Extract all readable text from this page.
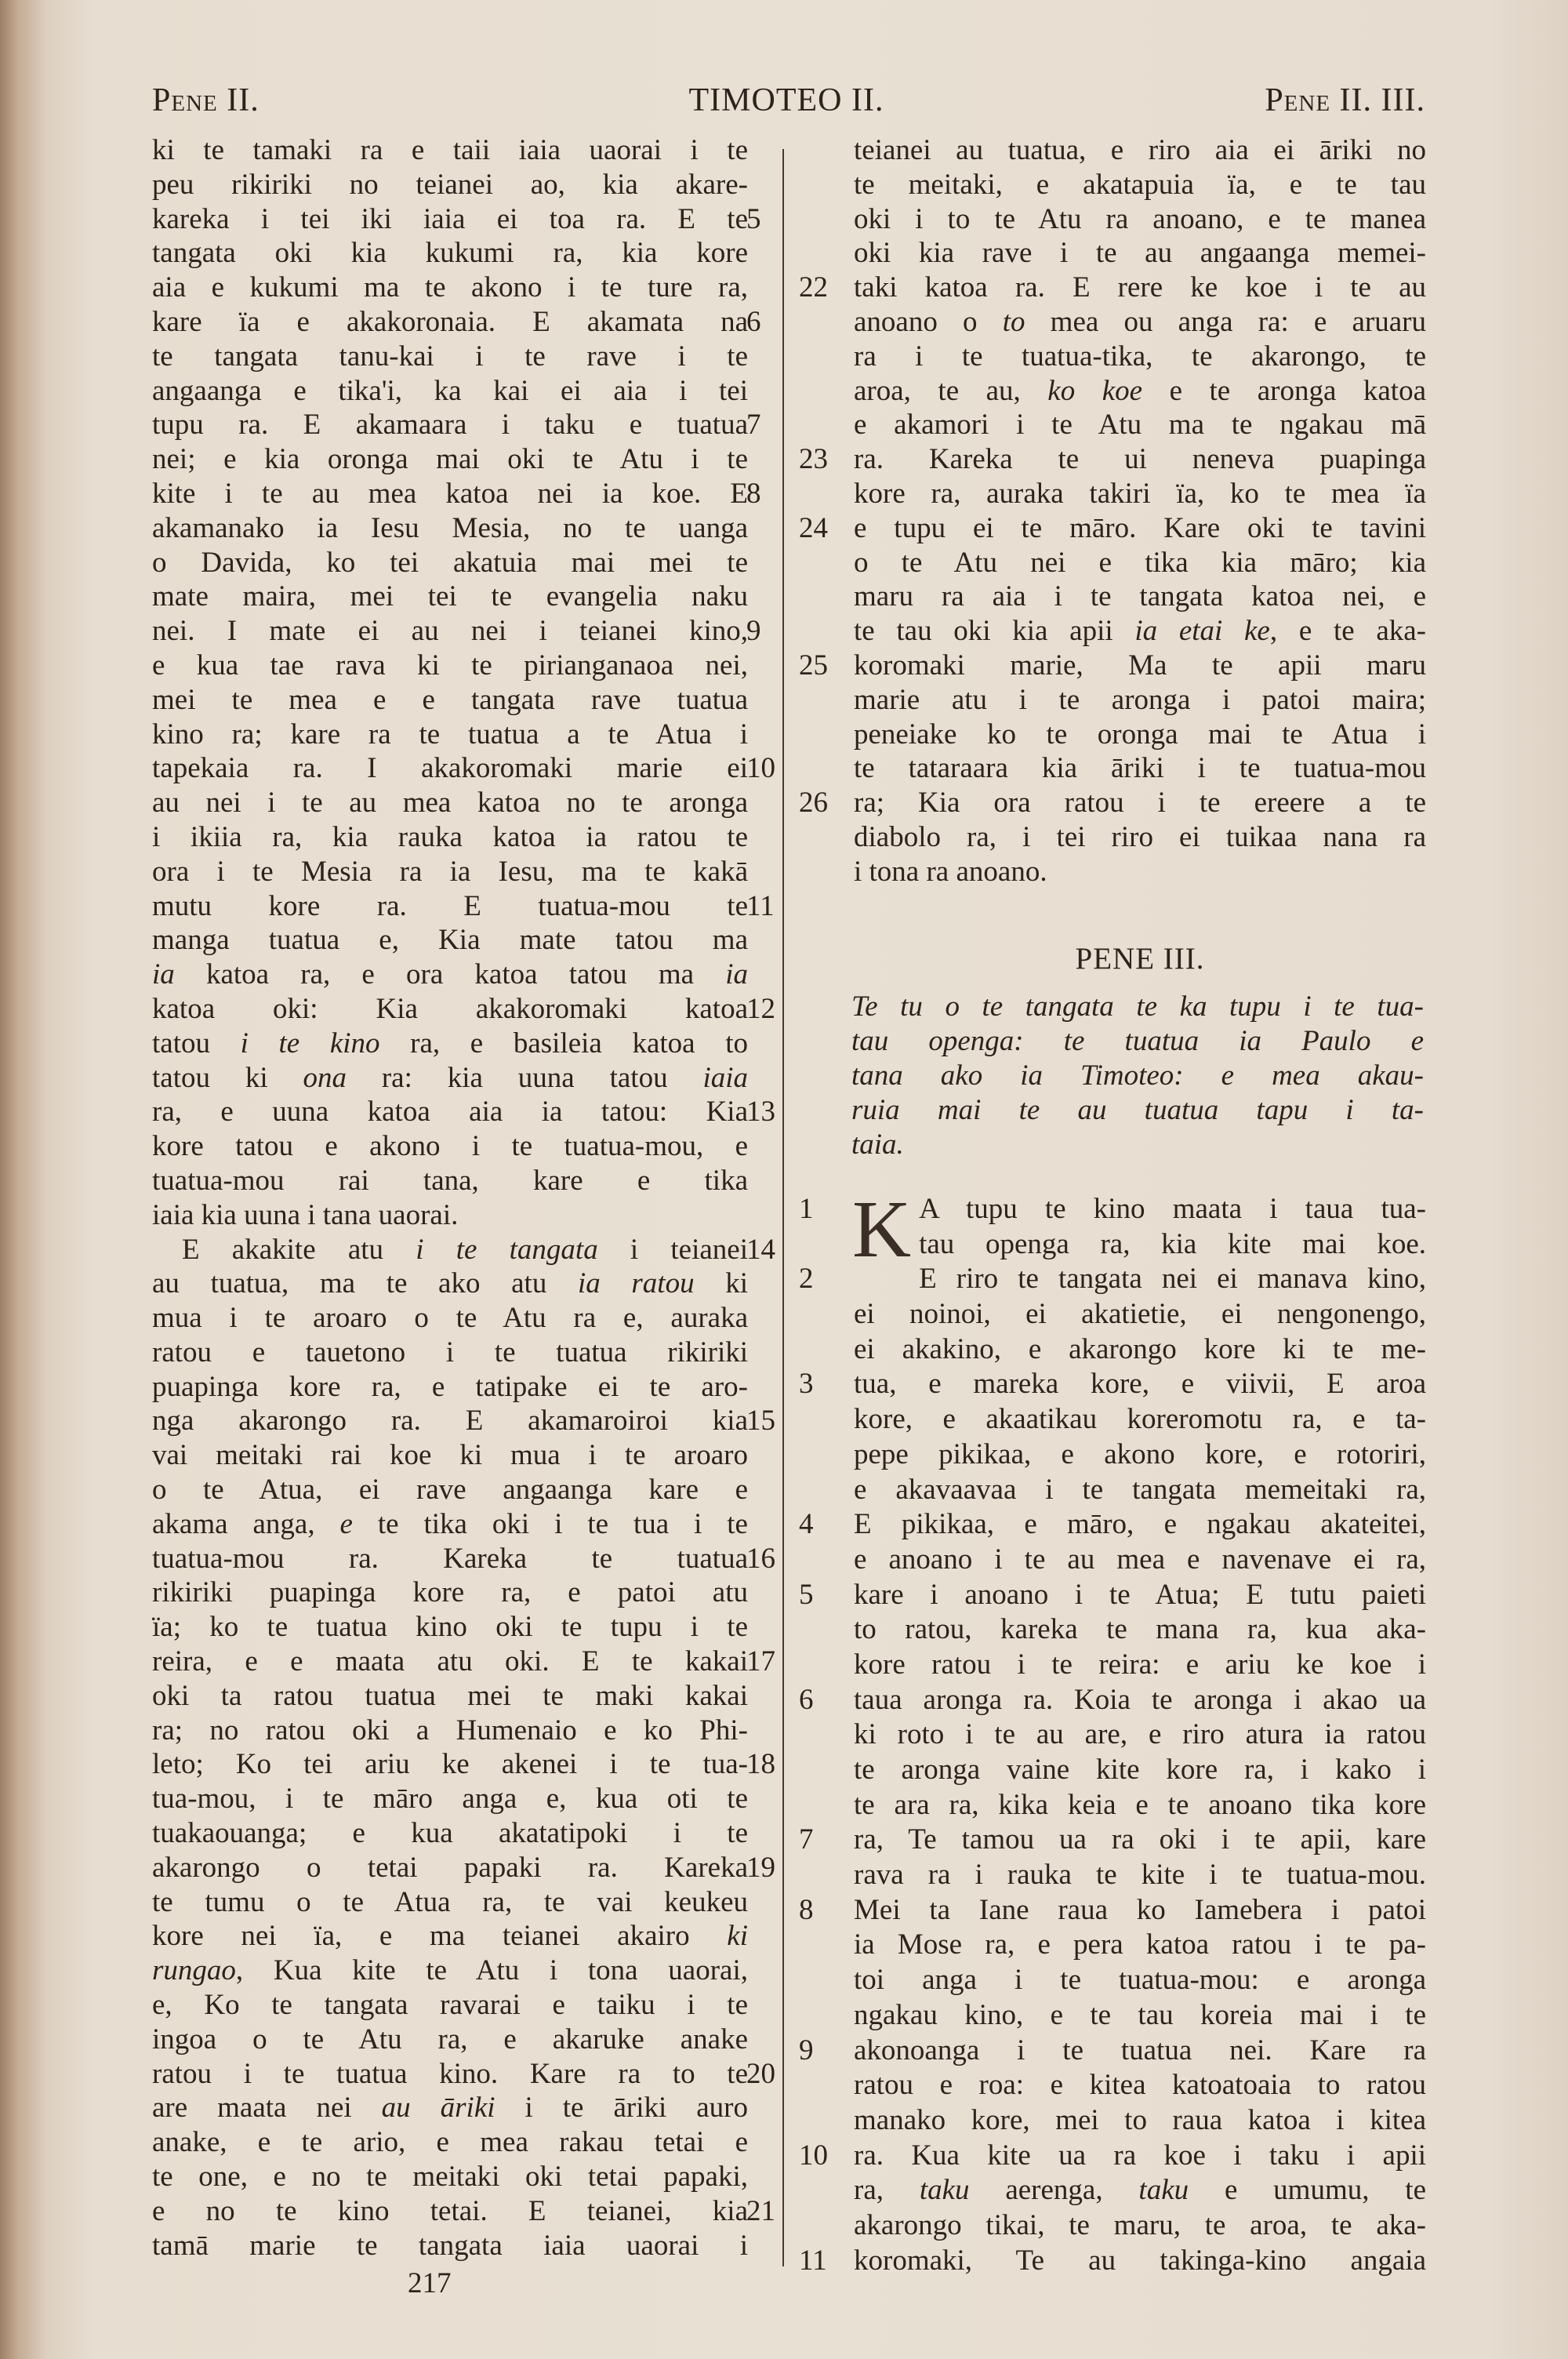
Pene II.	TIMOTEO II.	Pene II. III.
ki te tamaki ra e taii iaia uaorai i te
peu rikiriki no teianei ao, kia akare-
5
kareka i tei iki iaia ei toa ra. E te
tangata oki kia kukumi ra, kia kore
aia e kukumi ma te akono i te ture ra,
6
kare ïa e akakoronaia. E akamata na
te tangata tanu-kai i te rave i te
angaanga e tika'i, ka kai ei aia i tei
7
tupu ra. E akamaara i taku e tuatua
nei; e kia oronga mai oki te Atu i te
8
kite i te au mea katoa nei ia koe. E
akamanako ia Iesu Mesia, no te uanga
o Davida, ko tei akatuia mai mei te
mate maira, mei tei te evangelia naku
9
nei. I mate ei au nei i teianei kino,
e kua tae rava ki te pirianganaoa nei,
mei te mea e e tangata rave tuatua
kino ra; kare ra te tuatua a te Atua i
10
tapekaia ra. I akakoromaki marie ei
au nei i te au mea katoa no te aronga
i ikiia ra, kia rauka katoa ia ratou te
ora i te Mesia ra ia Iesu, ma te kakā
11
mutu kore ra. E tuatua-mou te
manga tuatua e, Kia mate tatou ma
ia katoa ra, e ora katoa tatou ma ia
12
katoa oki: Kia akakoromaki katoa
tatou i te kino ra, e basileia katoa to
tatou ki ona ra: kia uuna tatou iaia
13
ra, e uuna katoa aia ia tatou: Kia
kore tatou e akono i te tuatua-mou, e
tuatua-mou rai tana, kare e tika
iaia kia uuna i tana uaorai.
14
E akakite atu i te tangata i teianei
au tuatua, ma te ako atu ia ratou ki
mua i te aroaro o te Atu ra e, auraka
ratou e tauetono i te tuatua rikiriki
puapinga kore ra, e tatipake ei te aro-
15
nga akarongo ra. E akamaroiroi kia
vai meitaki rai koe ki mua i te aroaro
o te Atua, ei rave angaanga kare e
akama anga, e te tika oki i te tua i te
16
tuatua-mou ra. Kareka te tuatua
rikiriki puapinga kore ra, e patoi atu
ïa; ko te tuatua kino oki te tupu i te
17
reira, e e maata atu oki. E te kakai
oki ta ratou tuatua mei te maki kakai
ra; no ratou oki a Humenaio e ko Phi-
18
leto; Ko tei ariu ke akenei i te tua-
tua-mou, i te māro anga e, kua oti te
tuakaouanga; e kua akatatipoki i te
19
akarongo o tetai papaki ra. Kareka
te tumu o te Atua ra, te vai keukeu
kore nei ïa, e ma teianei akairo ki
rungao, Kua kite te Atu i tona uaorai,
e, Ko te tangata ravarai e taiku i te
ingoa o te Atu ra, e akaruke anake
20
ratou i te tuatua kino. Kare ra to te
are maata nei au āriki i te āriki auro
anake, e te ario, e mea rakau tetai e
te one, e no te meitaki oki tetai papaki,
21
e no te kino tetai. E teianei, kia
tamā marie te tangata iaia uaorai i
teianei au tuatua, e riro aia ei āriki no
te meitaki, e akatapuia ïa, e te tau
oki i to te Atu ra anoano, e te manea
oki kia rave i te au angaanga memei-
22 taki katoa ra. E rere ke koe i te au
anoano o to mea ou anga ra: e aruaru
ra i te tuatua-tika, te akarongo, te
aroa, te au, ko koe e te aronga katoa
e akamori i te Atu ma te ngakau mā
23 ra. Kareka te ui neneva puapinga
kore ra, auraka takiri ïa, ko te mea ïa
24 e tupu ei te māro. Kare oki te tavini
o te Atu nei e tika kia māro; kia
maru ra aia i te tangata katoa nei, e
te tau oki kia apii ia etai ke, e te aka-
25 koromaki marie, Ma te apii maru
marie atu i te aronga i patoi maira;
peneiake ko te oronga mai te Atua i
te tataraara kia āriki i te tuatua-mou
26 ra; Kia ora ratou i te ereere a te
diabolo ra, i tei riro ei tuikaa nana ra
i tona ra anoano.
PENE III.
Te tu o te tangata te ka tupu i te tua-
tau openga: te tuatua ia Paulo e
tana ako ia Timoteo: e mea akau-
ruia mai te au tuatua tapu i ta-
taia.
1 K A tupu te kino maata i taua tua-
tau openga ra, kia kite mai koe.
2	E riro te tangata nei ei manava kino,
ei noinoi, ei akatietie, ei nengonengo,
ei akakino, e akarongo kore ki te me-
3	tua, e mareka kore, e viivii, E aroa
kore, e akaatikau koreromotu ra, e ta-
pepe pikikaa, e akono kore, e rotoriri,
e akavaavaa i te tangata memeitaki ra,
4	E pikikaa, e māro, e ngakau akateitei,
e anoano i te au mea e navenave ei ra,
5	kare i anoano i te Atua; E tutu paieti
to ratou, kareka te mana ra, kua aka-
kore ratou i te reira: e ariu ke koe i
6	taua aronga ra. Koia te aronga i akao ua
ki roto i te au are, e riro atura ia ratou
te aronga vaine kite kore ra, i kako i
te ara ra, kika keia e te anoano tika kore
7	ra, Te tamou ua ra oki i te apii, kare
rava ra i rauka te kite i te tuatua-mou.
8	Mei ta Iane raua ko Iamebera i patoi
ia Mose ra, e pera katoa ratou i te pa-
toi anga i te tuatua-mou: e aronga
ngakau kino, e te tau koreia mai i te
9	akonoanga i te tuatua nei. Kare ra
ratou e roa: e kitea katoatoaia to ratou
manako kore, mei to raua katoa i kitea
10 ra. Kua kite ua ra koe i taku i apii
ra, taku aerenga, taku e umumu, te
akarongo tikai, te maru, te aroa, te aka-
11 koromaki, Te au takinga-kino angaia
217
